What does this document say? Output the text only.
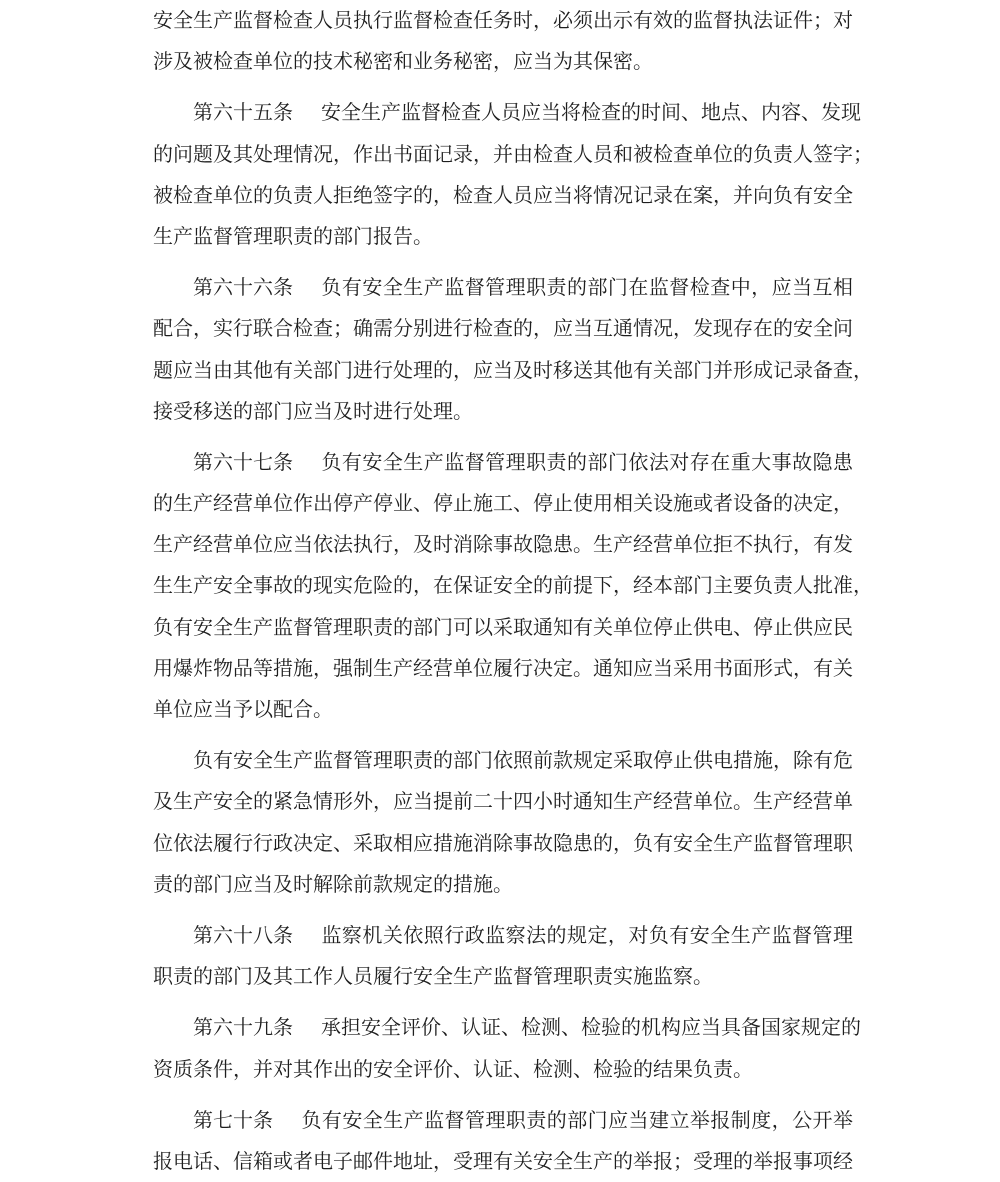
安全生产监督检查人员执行监督检查任务时，必须出示有效的监督执法证件；对
涉及被检查单位的技术秘密和业务秘密，应当为其保密。
第六十五条 安全生产监督检查人员应当将检查的时间、地点、内容、发现
的问题及其处理情况，作出书面记录，并由检查人员和被检查单位的负责人签字；
被检查单位的负责人拒绝签字的，检查人员应当将情况记录在案，并向负有安全
生产监督管理职责的部门报告。
第六十六条 负有安全生产监督管理职责的部门在监督检查中，应当互相
配合，实行联合检查；确需分别进行检查的，应当互通情况，发现存在的安全问
题应当由其他有关部门进行处理的，应当及时移送其他有关部门并形成记录备查，
接受移送的部门应当及时进行处理。
第六十七条 负有安全生产监督管理职责的部门依法对存在重大事故隐患
的生产经营单位作出停产停业、停止施工、停止使用相关设施或者设备的决定，
生产经营单位应当依法执行，及时消除事故隐患。生产经营单位拒不执行，有发
生生产安全事故的现实危险的，在保证安全的前提下，经本部门主要负责人批准，
负有安全生产监督管理职责的部门可以采取通知有关单位停止供电、停止供应民
用爆炸物品等措施，强制生产经营单位履行决定。通知应当采用书面形式，有关
单位应当予以配合。
负有安全生产监督管理职责的部门依照前款规定采取停止供电措施，除有危
及生产安全的紧急情形外，应当提前二十四小时通知生产经营单位。生产经营单
位依法履行行政决定、采取相应措施消除事故隐患的，负有安全生产监督管理职
责的部门应当及时解除前款规定的措施。
第六十八条 监察机关依照行政监察法的规定，对负有安全生产监督管理
职责的部门及其工作人员履行安全生产监督管理职责实施监察。
第六十九条 承担安全评价、认证、检测、检验的机构应当具备国家规定的
资质条件，并对其作出的安全评价、认证、检测、检验的结果负责。
第七十条 负有安全生产监督管理职责的部门应当建立举报制度，公开举
报电话、信箱或者电子邮件地址，受理有关安全生产的举报；受理的举报事项经
